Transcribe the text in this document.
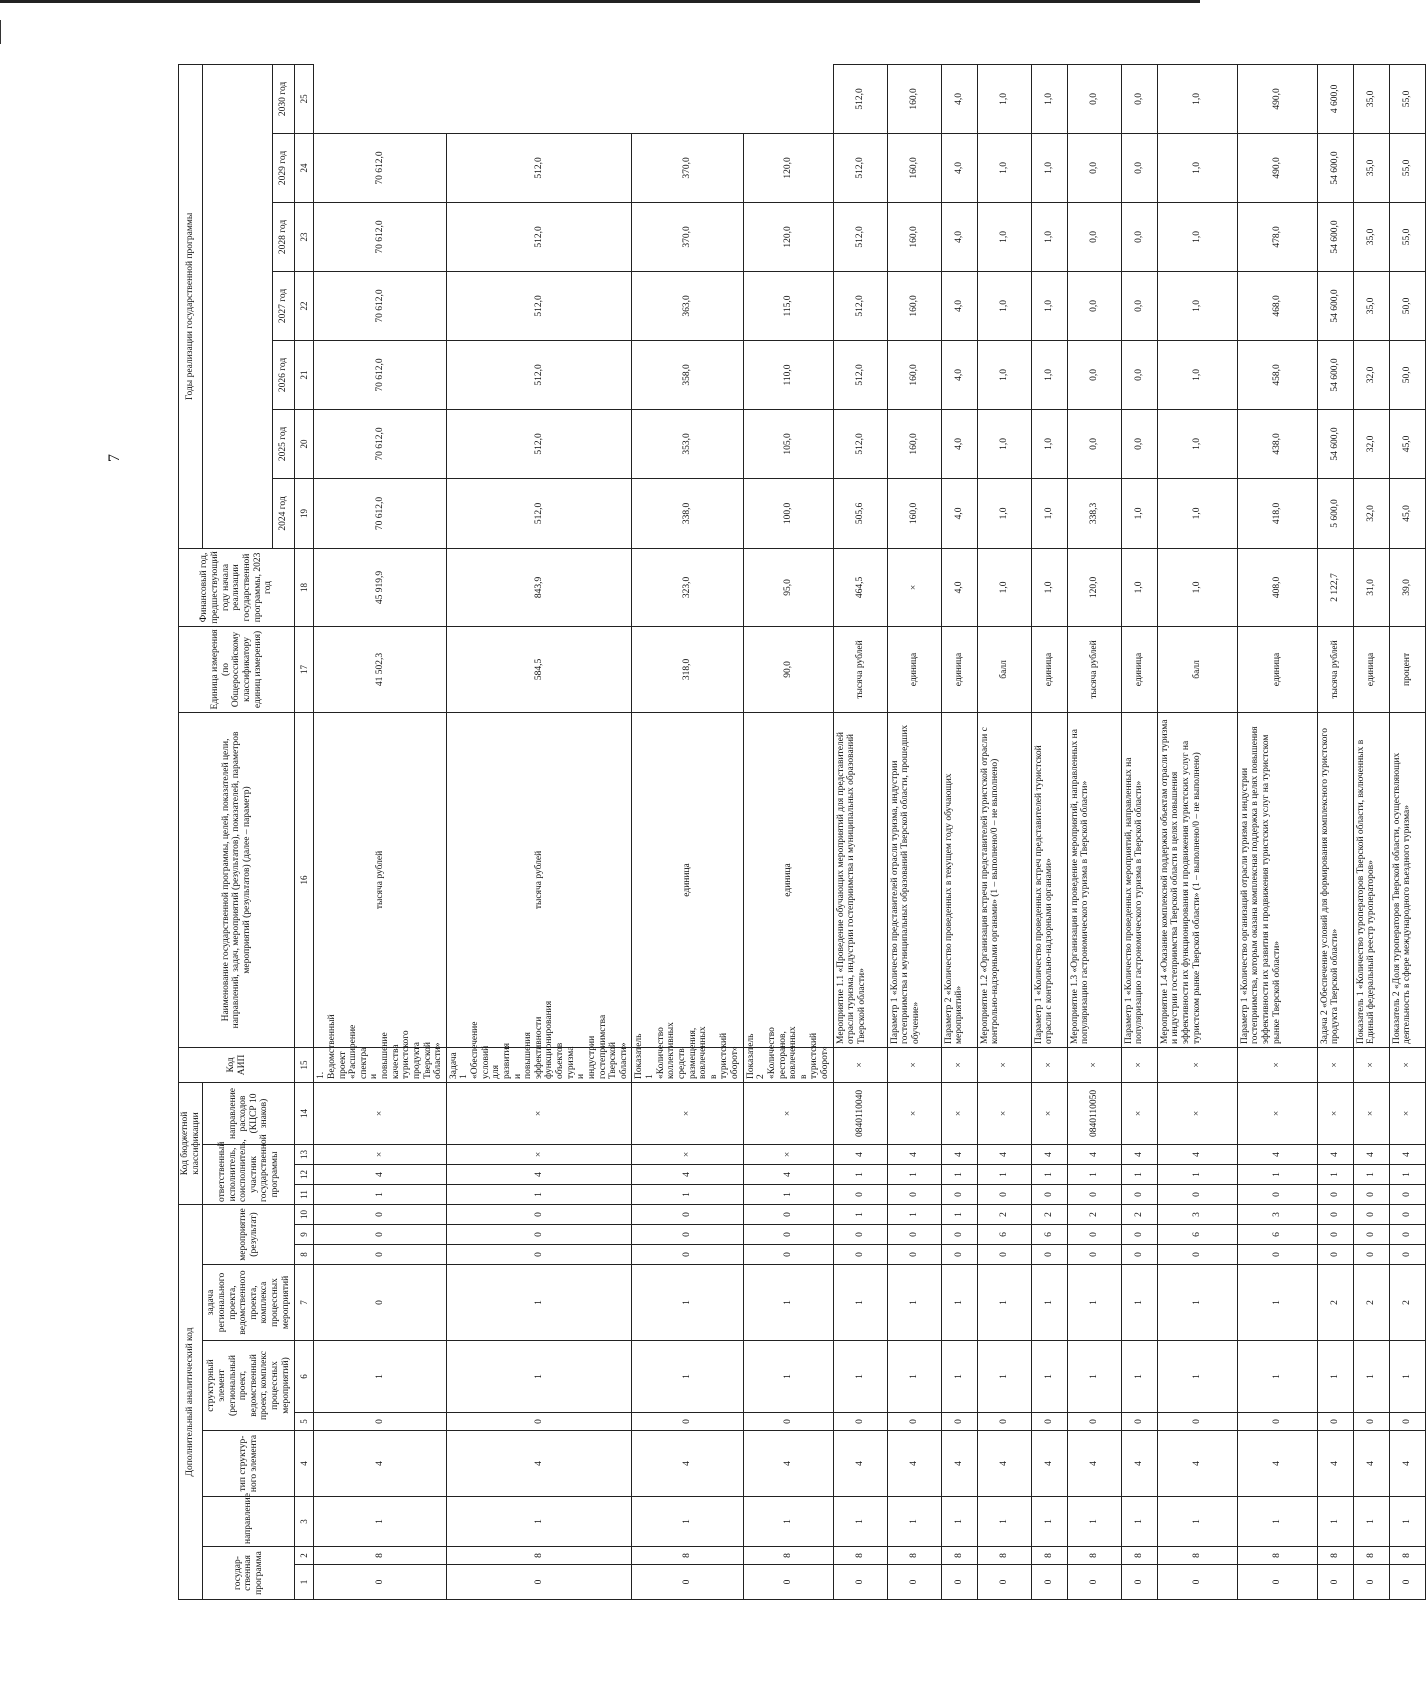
7
Дополнительный аналитический код										Код бюджетной классификации				Код АИП	Наименование государственной программы, целей, показателей цели, направлений, задач, мероприятий (результатов), показателей, параметров мероприятий (результатов) (далее – параметр)	Единица измерения (по Общероссийскому классификатору единиц измерения)	Финансовый год, предшествующий году начала реализации государственной программы, 2023 год	Годы реализации государственной программы						
государ-ственная программа		направление	тип структур-ного элемента	структурный элемент (региональный проект, ведомственный проект, комплекс процессных мероприятий)		задача регионального проекта, ведомственного проекта, комплекса процессных мероприятий	мероприятие (результат)			ответственный исполнитель, соисполнитель, участник государственной программы			направление расходов (КЦСР 10 знаков)											
																		2024 год	2025 год	2026 год	2027 год	2028 год	2029 год	2030 год
1	2	3	4	5	6	7	8	9	10	11	12	13	14	15	16	17	18	19	20	21	22	23	24	25
0	8	1	4	0	1	0	0	0	0	1	4	×	×	1. Ведомственный проект «Расширение спектра и повышение качества туристского продукта Тверской области»	тысяча рублей	41 502,3	45 919,9	70 612,0	70 612,0	70 612,0	70 612,0	70 612,0	70 612,0	
0	8	1	4	0	1	1	0	0	0	1	4	×	×	Задача 1 «Обеспечение условий для развития и повышения эффективности функционирования объектов туризма и индустрии гостеприимства Тверской области»	тысяча рублей	584,5	843,9	512,0	512,0	512,0	512,0	512,0	512,0	
0	8	1	4	0	1	1	0	0	0	1	4	×	×	Показатель 1 «Количество коллективных средств размещения, вовлеченных в туристский оборот»	единица	318,0	323,0	338,0	353,0	358,0	363,0	370,0	370,0	
0	8	1	4	0	1	1	0	0	0	1	4	×	×	Показатель 2 «Количество ресторанов, вовлеченных в туристский оборот»	единица	90,0	95,0	100,0	105,0	110,0	115,0	120,0	120,0	
0	8	1	4	0	1	1	0	0	1	0	1	4	0840110040	×	Мероприятие 1.1 «Проведение обучающих мероприятий для представителей отрасли туризма, индустрии гостеприимства и муниципальных образований Тверской области»	тысяча рублей	464,5	505,6	512,0	512,0	512,0	512,0	512,0	512,0
0	8	1	4	0	1	1	0	0	1	0	1	4	×	×	Параметр 1 «Количество представителей отрасли туризма, индустрии гостеприимства и муниципальных образований Тверской области, прошедших обучение»	единица	×	160,0	160,0	160,0	160,0	160,0	160,0	160,0
0	8	1	4	0	1	1	0	0	1	0	1	4	×	×	Параметр 2 «Количество проведенных в текущем году обучающих мероприятий»	единица	4,0	4,0	4,0	4,0	4,0	4,0	4,0	4,0
0	8	1	4	0	1	1	0	6	2	0	1	4	×	×	Мероприятие 1.2 «Организация встречи представителей туристской отрасли с контрольно-надзорными органами» (1 – выполнено/0 – не выполнено)	балл	1,0	1,0	1,0	1,0	1,0	1,0	1,0	1,0
0	8	1	4	0	1	1	0	6	2	0	1	4	×	×	Параметр 1 «Количество проведенных встреч представителей туристской отрасли с контрольно-надзорными органами»	единица	1,0	1,0	1,0	1,0	1,0	1,0	1,0	1,0
0	8	1	4	0	1	1	0	0	2	0	1	4	0840110050	×	Мероприятие 1.3 «Организация и проведение мероприятий, направленных на популяризацию гастрономического туризма в Тверской области»	тысяча рублей	120,0	338,3	0,0	0,0	0,0	0,0	0,0	0,0
0	8	1	4	0	1	1	0	0	2	0	1	4	×	×	Параметр 1 «Количество проведенных мероприятий, направленных на популяризацию гастрономического туризма в Тверской области»	единица	1,0	1,0	0,0	0,0	0,0	0,0	0,0	0,0
0	8	1	4	0	1	1	0	6	3	0	1	4	×	×	Мероприятие 1.4 «Оказание комплексной поддержки объектам отрасли туризма и индустрии гостеприимства Тверской области в целях повышения эффективности их функционирования и продвижения туристских услуг на туристском рынке Тверской области» (1 – выполнено/0 – не выполнено)	балл	1,0	1,0	1,0	1,0	1,0	1,0	1,0	1,0
0	8	1	4	0	1	1	0	6	3	0	1	4	×	×	Параметр 1 «Количество организаций отрасли туризма и индустрии гостеприимства, которым оказана комплексная поддержка в целях повышения эффективности их развития и продвижения туристских услуг на туристском рынке Тверской области»	единица	408,0	418,0	438,0	458,0	468,0	478,0	490,0	490,0
0	8	1	4	0	1	2	0	0	0	0	1	4	×	×	Задача 2 «Обеспечение условий для формирования комплексного туристского продукта Тверской области»	тысяча рублей	2 122,7	5 600,0	54 600,0	54 600,0	54 600,0	54 600,0	54 600,0	4 600,0
0	8	1	4	0	1	2	0	0	0	0	1	4	×	×	Показатель 1 «Количество туроператоров Тверской области, включенных в Единый федеральный реестр туроператоров»	единица	31,0	32,0	32,0	32,0	35,0	35,0	35,0	35,0
0	8	1	4	0	1	2	0	0	0	0	1	4	×	×	Показатель 2 «Доля туроператоров Тверской области, осуществляющих деятельность в сфере международного въездного туризма»	процент	39,0	45,0	45,0	50,0	50,0	55,0	55,0	55,0
